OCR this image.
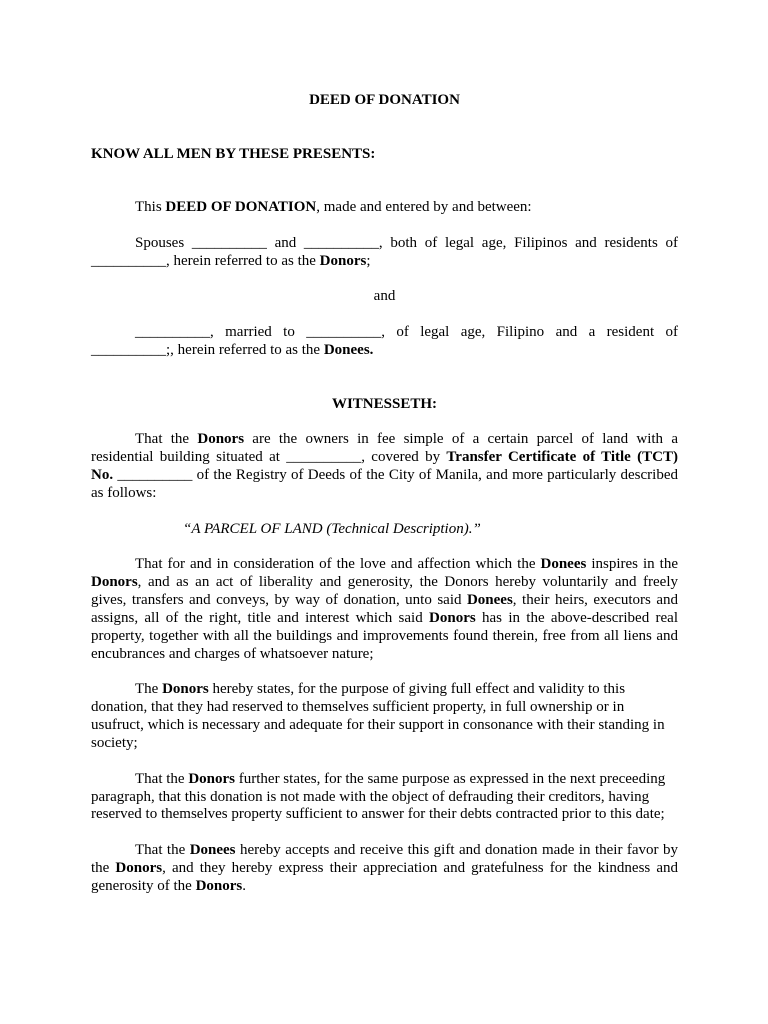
DEED OF DONATION
KNOW ALL MEN BY THESE PRESENTS:
This DEED OF DONATION, made and entered by and between:
Spouses __________ and __________, both of legal age, Filipinos and residents of
__________, herein referred to as the Donors;
and
__________, married to __________, of legal age, Filipino and a resident of
__________;, herein referred to as the Donees.
WITNESSETH:
That the Donors are the owners in fee simple of a certain parcel of land with a
residential building situated at __________, covered by Transfer Certificate of Title (TCT)
No. __________ of the Registry of Deeds of the City of Manila, and more particularly described
as follows:
“A PARCEL OF LAND (Technical Description).”
That for and in consideration of the love and affection which the Donees inspires in the
Donors, and as an act of liberality and generosity, the Donors hereby voluntarily and freely
gives, transfers and conveys, by way of donation, unto said Donees, their heirs, executors and
assigns, all of the right, title and interest which said Donors has in the above-described real
property, together with all the buildings and improvements found therein, free from all liens and
encubrances and charges of whatsoever nature;
The Donors hereby states, for the purpose of giving full effect and validity to this
donation, that they had reserved to themselves sufficient property, in full ownership or in
usufruct, which is necessary and adequate for their support in consonance with their standing in
society;
That the Donors further states, for the same purpose as expressed in the next preceeding
paragraph, that this donation is not made with the object of defrauding their creditors, having
reserved to themselves property sufficient to answer for their debts contracted prior to this date;
That the Donees hereby accepts and receive this gift and donation made in their favor by
the Donors, and they hereby express their appreciation and gratefulness for the kindness and
generosity of the Donors.
